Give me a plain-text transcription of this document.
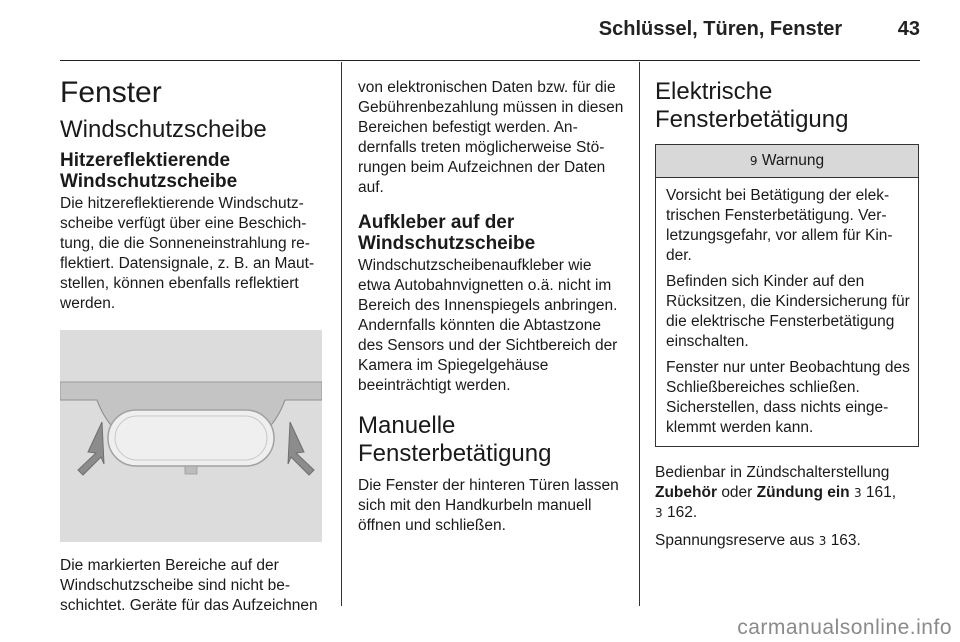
Schlüssel, Türen, Fenster	43
Fenster
Windschutzscheibe
Hitzereflektierende Windschutzscheibe

Die hitzereflektierende Windschutzscheibe verfügt über eine Beschichtung, die die Sonneneinstrahlung reflektiert. Datensignale, z. B. an Mautstellen, können ebenfalls reflektiert werden.

Die markierten Bereiche auf der Windschutzscheibe sind nicht beschichtet. Geräte für das Aufzeichnen

von elektronischen Daten bzw. für die Gebührenbezahlung müssen in diesen Bereichen befestigt werden. Andernfalls treten möglicherweise Störungen beim Aufzeichnen der Daten auf.

Aufkleber auf der Windschutzscheibe

Windschutzscheibenaufkleber wie etwa Autobahnvignetten o.ä. nicht im Bereich des Innenspiegels anbringen. Andernfalls könnten die Abtastzone des Sensors und der Sichtbereich der Kamera im Spiegelgehäuse beeinträchtigt werden.

Manuelle Fensterbetätigung

Die Fenster der hinteren Türen lassen sich mit den Handkurbeln manuell öffnen und schließen.

Elektrische Fensterbetätigung
9 Warnung

Vorsicht bei Betätigung der elektrischen Fensterbetätigung. Verletzungsgefahr, vor allem für Kinder.

Befinden sich Kinder auf den Rücksitzen, die Kindersicherung für die elektrische Fensterbetätigung einschalten.

Fenster nur unter Beobachtung des Schließbereiches schließen. Sicherstellen, dass nichts eingeklemmt werden kann.

Bedienbar in Zündschalterstellung
Zubehör oder Zündung ein 3 161,
3 162.

Spannungsreserve aus 3 163.

carmanualsonline.info
